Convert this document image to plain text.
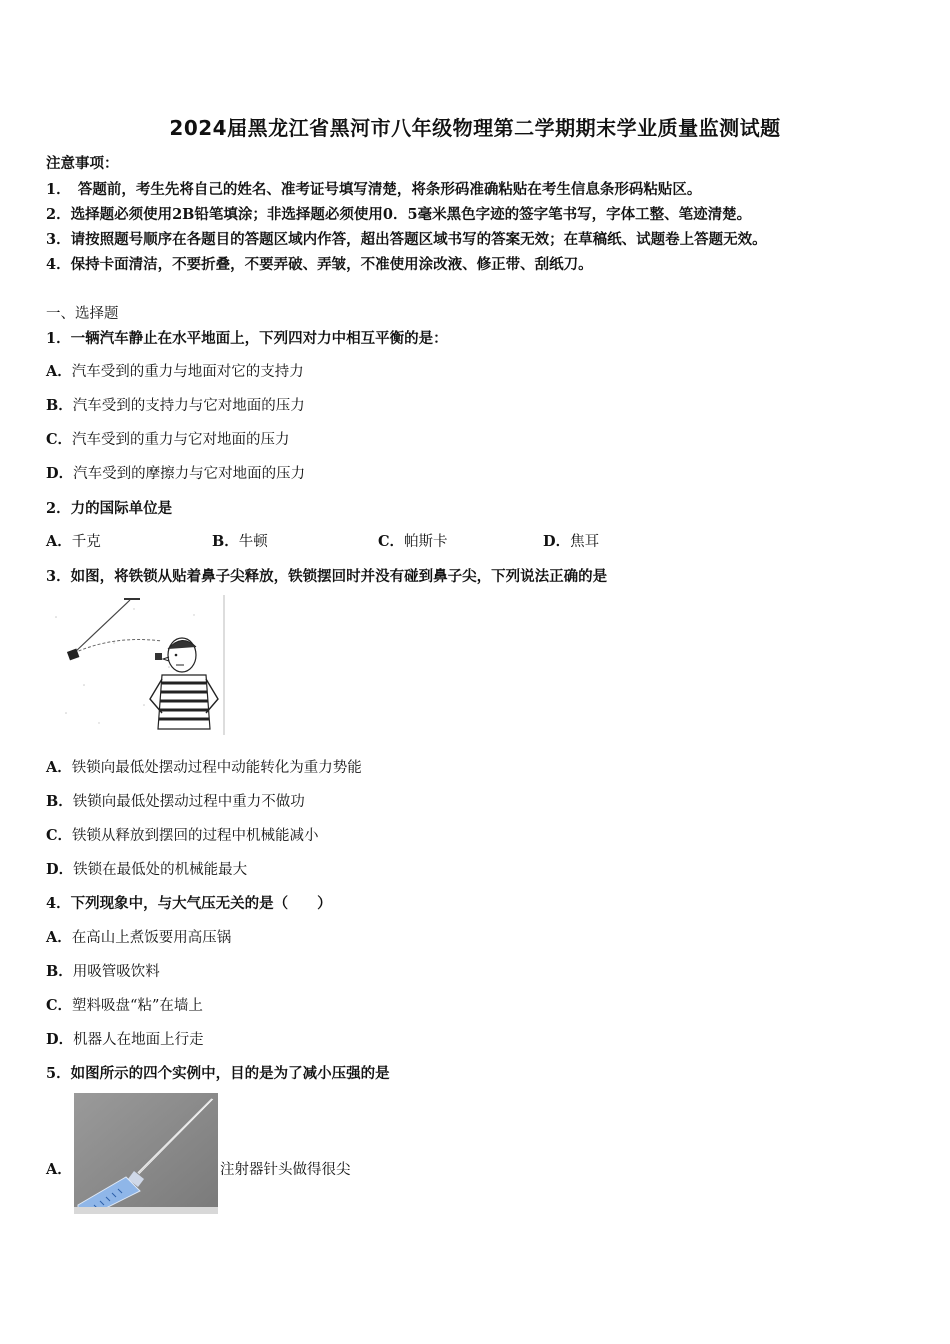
2024届黑龙江省黑河市八年级物理第二学期期末学业质量监测试题
注意事项：
1．　答题前，考生先将自己的姓名、准考证号填写清楚，将条形码准确粘贴在考生信息条形码粘贴区。
2．选择题必须使用2B铅笔填涂；非选择题必须使用0．5毫米黑色字迹的签字笔书写，字体工整、笔迹清楚。
3．请按照题号顺序在各题目的答题区域内作答，超出答题区域书写的答案无效；在草稿纸、试题卷上答题无效。
4．保持卡面清洁，不要折叠，不要弄破、弄皱，不准使用涂改液、修正带、刮纸刀。
一、选择题
1．一辆汽车静止在水平地面上，下列四对力中相互平衡的是：
A．汽车受到的重力与地面对它的支持力
B．汽车受到的支持力与它对地面的压力
C．汽车受到的重力与它对地面的压力
D．汽车受到的摩擦力与它对地面的压力
2．力的国际单位是
A．千克	B．牛顿	C．帕斯卡	D．焦耳
3．如图，将铁锁从贴着鼻子尖释放，铁锁摆回时并没有碰到鼻子尖，下列说法正确的是
A．铁锁向最低处摆动过程中动能转化为重力势能
B．铁锁向最低处摆动过程中重力不做功
C．铁锁从释放到摆回的过程中机械能减小
D．铁锁在最低处的机械能最大
4．下列现象中，与大气压无关的是（　　）
A．在高山上煮饭要用高压锅
B．用吸管吸饮料
C．塑料吸盘“粘”在墙上
D．机器人在地面上行走
5．如图所示的四个实例中，目的是为了减小压强的是
A．	注射器针头做得很尖
